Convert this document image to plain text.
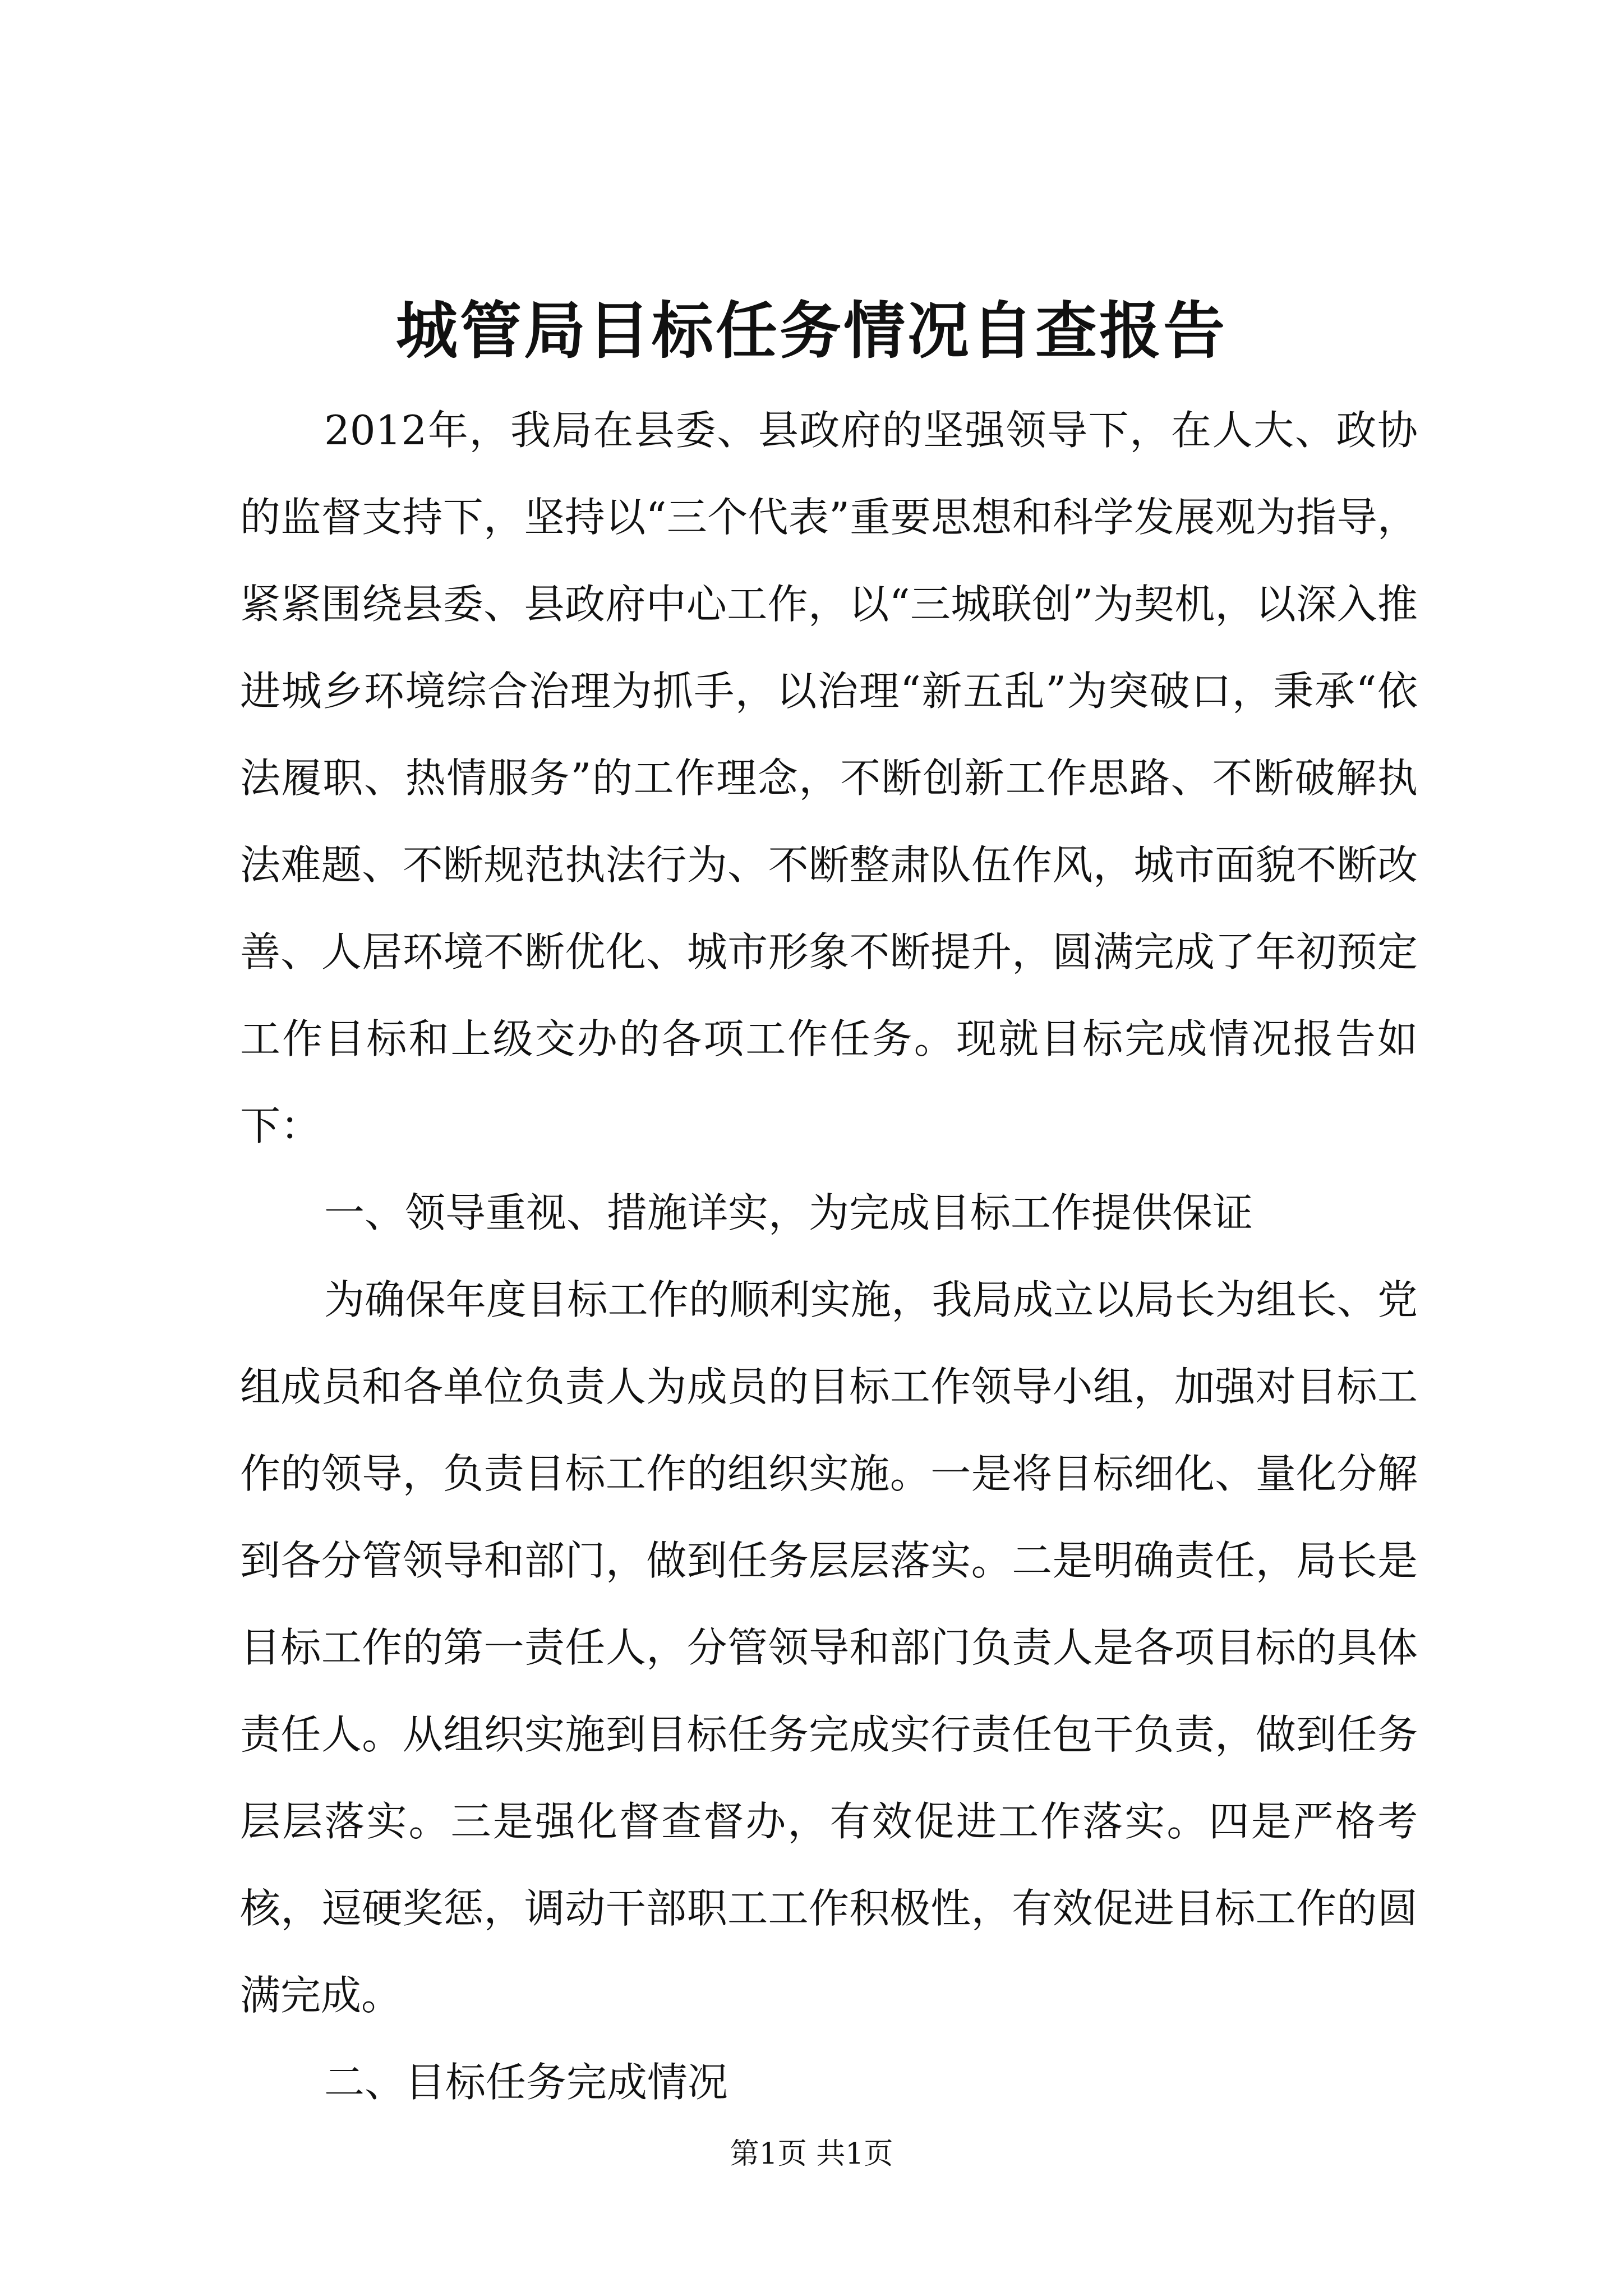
城管局目标任务情况自查报告

2012年，我局在县委、县政府的坚强领导下，在人大、政协的监督支持下，坚持以“三个代表”重要思想和科学发展观为指导，紧紧围绕县委、县政府中心工作，以“三城联创”为契机，以深入推进城乡环境综合治理为抓手，以治理“新五乱”为突破口，秉承“依法履职、热情服务”的工作理念，不断创新工作思路、不断破解执法难题、不断规范执法行为、不断整肃队伍作风，城市面貌不断改善、人居环境不断优化、城市形象不断提升，圆满完成了年初预定工作目标和上级交办的各项工作任务。现就目标完成情况报告如下：

一、领导重视、措施详实，为完成目标工作提供保证

为确保年度目标工作的顺利实施，我局成立以局长为组长、党组成员和各单位负责人为成员的目标工作领导小组，加强对目标工作的领导，负责目标工作的组织实施。一是将目标细化、量化分解到各分管领导和部门，做到任务层层落实。二是明确责任，局长是目标工作的第一责任人，分管领导和部门负责人是各项目标的具体责任人。从组织实施到目标任务完成实行责任包干负责，做到任务层层落实。三是强化督查督办，有效促进工作落实。四是严格考核，逗硬奖惩，调动干部职工工作积极性，有效促进目标工作的圆满完成。

二、目标任务完成情况

第1页 共1页
